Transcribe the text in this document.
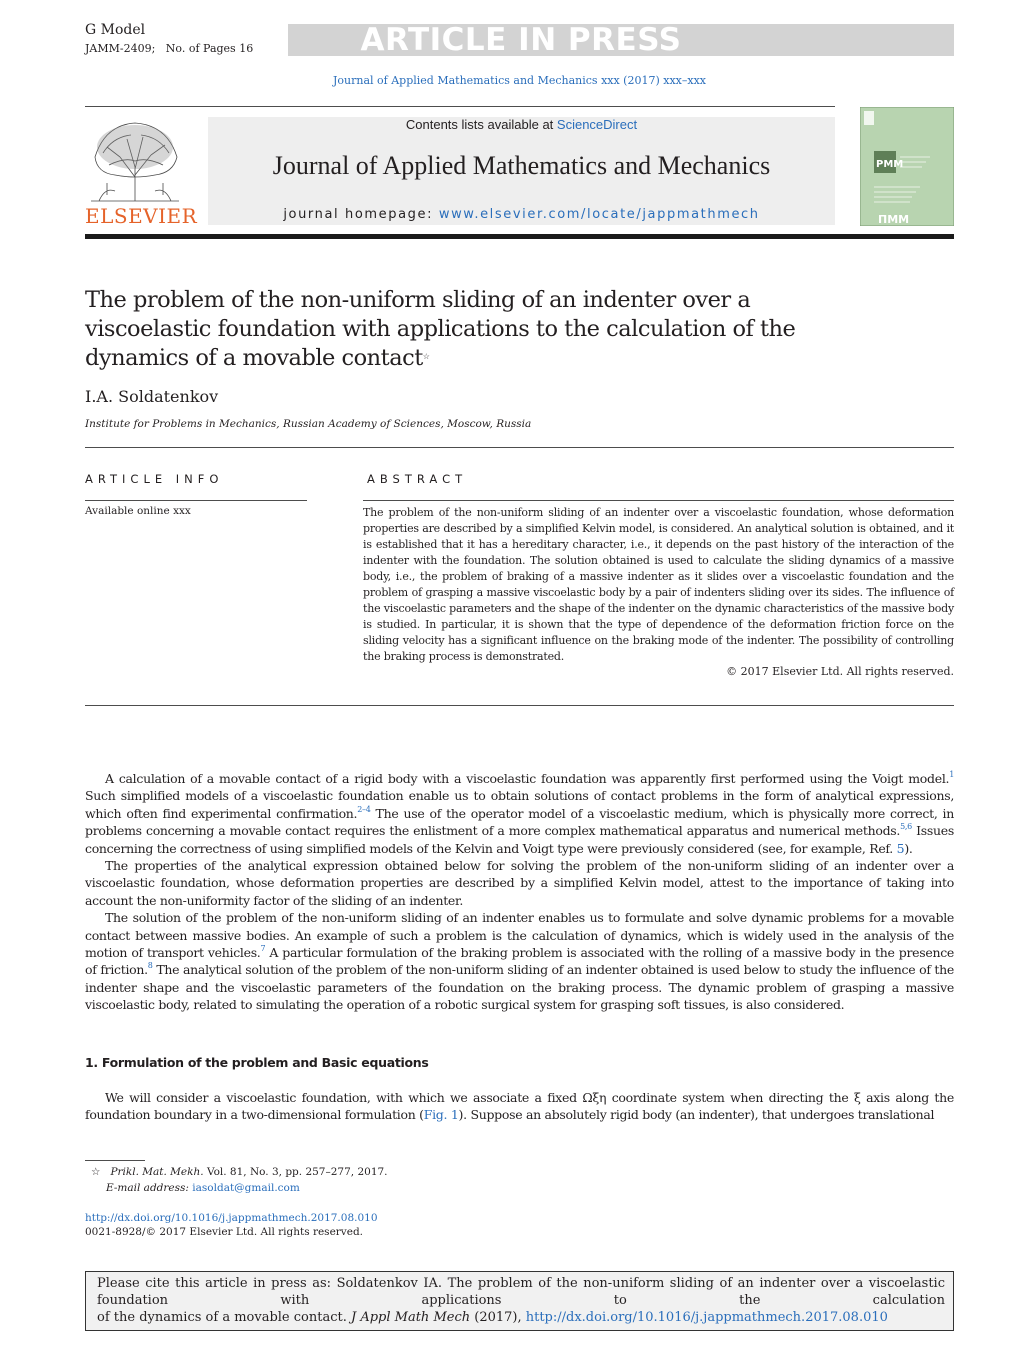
G Model
JAMM-2409; No. of Pages 16	ARTICLE IN PRESS
Journal of Applied Mathematics and Mechanics xxx (2017) xxx–xxx
ELSEVIER
Contents lists available at ScienceDirect
Journal of Applied Mathematics and Mechanics
journal homepage: www.elsevier.com/locate/jappmathmech
PMM
ПММ
The problem of the non-uniform sliding of an indenter over a viscoelastic foundation with applications to the calculation of the dynamics of a movable contact☆
I.A. Soldatenkov
Institute for Problems in Mechanics, Russian Academy of Sciences, Moscow, Russia
ARTICLE INFO
Available online xxx
ABSTRACT
The problem of the non-uniform sliding of an indenter over a viscoelastic foundation, whose deformation properties are described by a simplified Kelvin model, is considered. An analytical solution is obtained, and it is established that it has a hereditary character, i.e., it depends on the past history of the interaction of the indenter with the foundation. The solution obtained is used to calculate the sliding dynamics of a massive body, i.e., the problem of braking of a massive indenter as it slides over a viscoelastic foundation and the problem of grasping a massive viscoelastic body by a pair of indenters sliding over its sides. The influence of the viscoelastic parameters and the shape of the indenter on the dynamic characteristics of the massive body is studied. In particular, it is shown that the type of dependence of the deformation friction force on the sliding velocity has a significant influence on the braking mode of the indenter. The possibility of controlling the braking process is demonstrated.
© 2017 Elsevier Ltd. All rights reserved.

A calculation of a movable contact of a rigid body with a viscoelastic foundation was apparently first performed using the Voigt model.$^1$ Such simplified models of a viscoelastic foundation enable us to obtain solutions of contact problems in the form of analytical expressions, which often find experimental confirmation.$^{2-4}$ The use of the operator model of a viscoelastic medium, which is physically more correct, in problems concerning a movable contact requires the enlistment of a more complex mathematical apparatus and numerical methods.$^{5,6}$ Issues concerning the correctness of using simplified models of the Kelvin and Voigt type were previously considered (see, for example, Ref. 5).

The properties of the analytical expression obtained below for solving the problem of the non-uniform sliding of an indenter over a viscoelastic foundation, whose deformation properties are described by a simplified Kelvin model, attest to the importance of taking into account the non-uniformity factor of the sliding of an indenter.

The solution of the problem of the non-uniform sliding of an indenter enables us to formulate and solve dynamic problems for a movable contact between massive bodies. An example of such a problem is the calculation of dynamics, which is widely used in the analysis of the motion of transport vehicles.$^7$ A particular formulation of the braking problem is associated with the rolling of a massive body in the presence of friction.$^8$ The analytical solution of the problem of the non-uniform sliding of an indenter obtained is used below to study the influence of the indenter shape and the viscoelastic parameters of the foundation on the braking process. The dynamic problem of grasping a massive viscoelastic body, related to simulating the operation of a robotic surgical system for grasping soft tissues, is also considered.

1. Formulation of the problem and Basic equations

We will consider a viscoelastic foundation, with which we associate a fixed Ωξη coordinate system when directing the ξ axis along the foundation boundary in a two-dimensional formulation (Fig. 1). Suppose an absolutely rigid body (an indenter), that undergoes translational

☆ Prikl. Mat. Mekh. Vol. 81, No. 3, pp. 257–277, 2017.
E-mail address: iasoldat@gmail.com
http://dx.doi.org/10.1016/j.jappmathmech.2017.08.010
0021-8928/© 2017 Elsevier Ltd. All rights reserved.
Please cite this article in press as: Soldatenkov IA. The problem of the non-uniform sliding of an indenter over a viscoelastic foundation with applications to the calculation
of the dynamics of a movable contact. J Appl Math Mech (2017), http://dx.doi.org/10.1016/j.jappmathmech.2017.08.010
